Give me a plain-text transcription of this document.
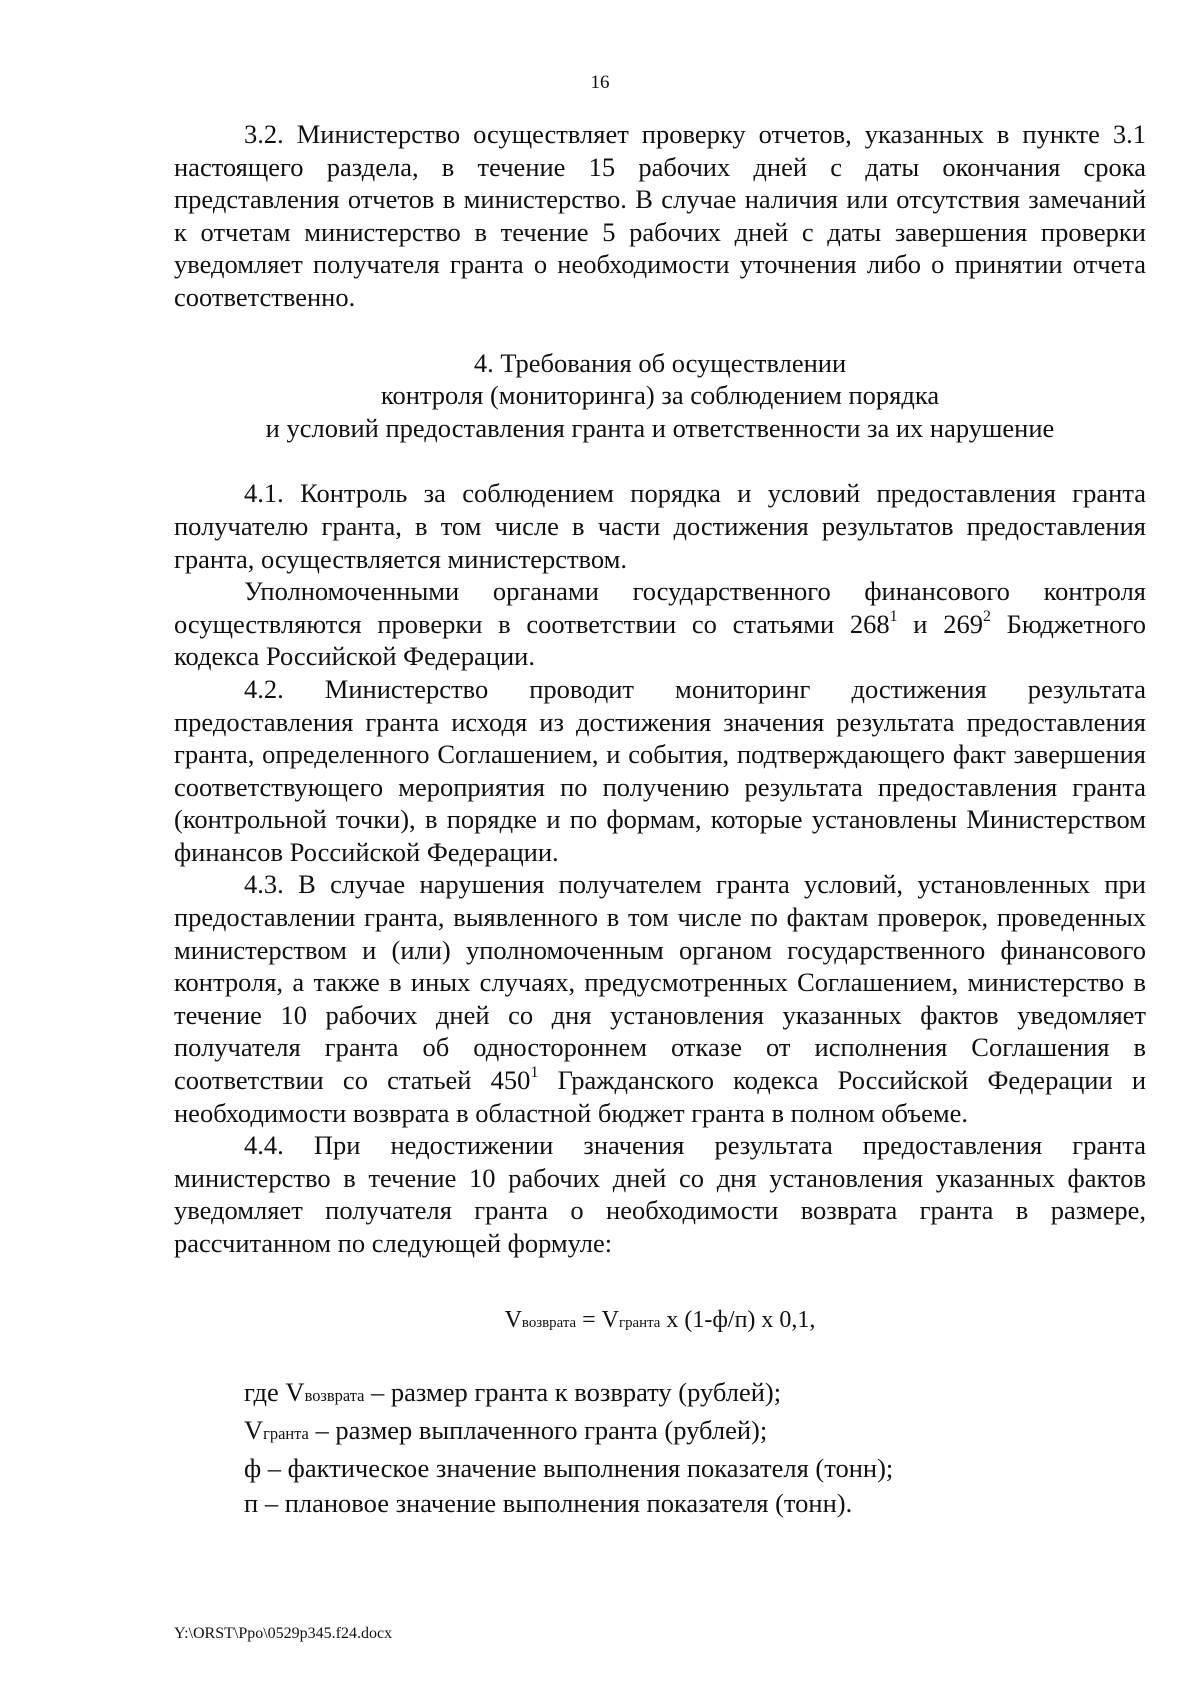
16

3.2. Министерство осуществляет проверку отчетов, указанных в пункте 3.1 настоящего раздела, в течение 15 рабочих дней с даты окончания срока представления отчетов в министерство. В случае наличия или отсутствия замечаний к отчетам министерство в течение 5 рабочих дней с даты завершения проверки уведомляет получателя гранта о необходимости уточнения либо о принятии отчета соответственно.

4. Требования об осуществлении
контроля (мониторинга) за соблюдением порядка
и условий предоставления гранта и ответственности за их нарушение

4.1. Контроль за соблюдением порядка и условий предоставления гранта получателю гранта, в том числе в части достижения результатов предоставления гранта, осуществляется министерством.

Уполномоченными органами государственного финансового контроля осуществляются проверки в соответствии со статьями $268^1$ и $269^2$ Бюджетного кодекса Российской Федерации.

4.2. Министерство проводит мониторинг достижения результата предоставления гранта исходя из достижения значения результата предоставления гранта, определенного Соглашением, и события, подтверждающего факт завершения соответствующего мероприятия по получению результата предоставления гранта (контрольной точки), в порядке и по формам, которые установлены Министерством финансов Российской Федерации.

4.3. В случае нарушения получателем гранта условий, установленных при предоставлении гранта, выявленного в том числе по фактам проверок, проведенных министерством и (или) уполномоченным органом государственного финансового контроля, а также в иных случаях, предусмотренных Соглашением, министерство в течение 10 рабочих дней со дня установления указанных фактов уведомляет получателя гранта об одностороннем отказе от исполнения Соглашения в соответствии со статьей $450^1$ Гражданского кодекса Российской Федерации и необходимости возврата в областной бюджет гранта в полном объеме.

4.4. При недостижении значения результата предоставления гранта министерство в течение 10 рабочих дней со дня установления указанных фактов уведомляет получателя гранта о необходимости возврата гранта в размере, рассчитанном по следующей формуле:

Vвозврата = Vгранта х (1-ф/п) х 0,1,
где Vвозврата – размер гранта к возврату (рублей);
Vгранта – размер выплаченного гранта (рублей);
ф – фактическое значение выполнения показателя (тонн);
п – плановое значение выполнения показателя (тонн).
Y:\ORST\Ppo\0529p345.f24.docx
